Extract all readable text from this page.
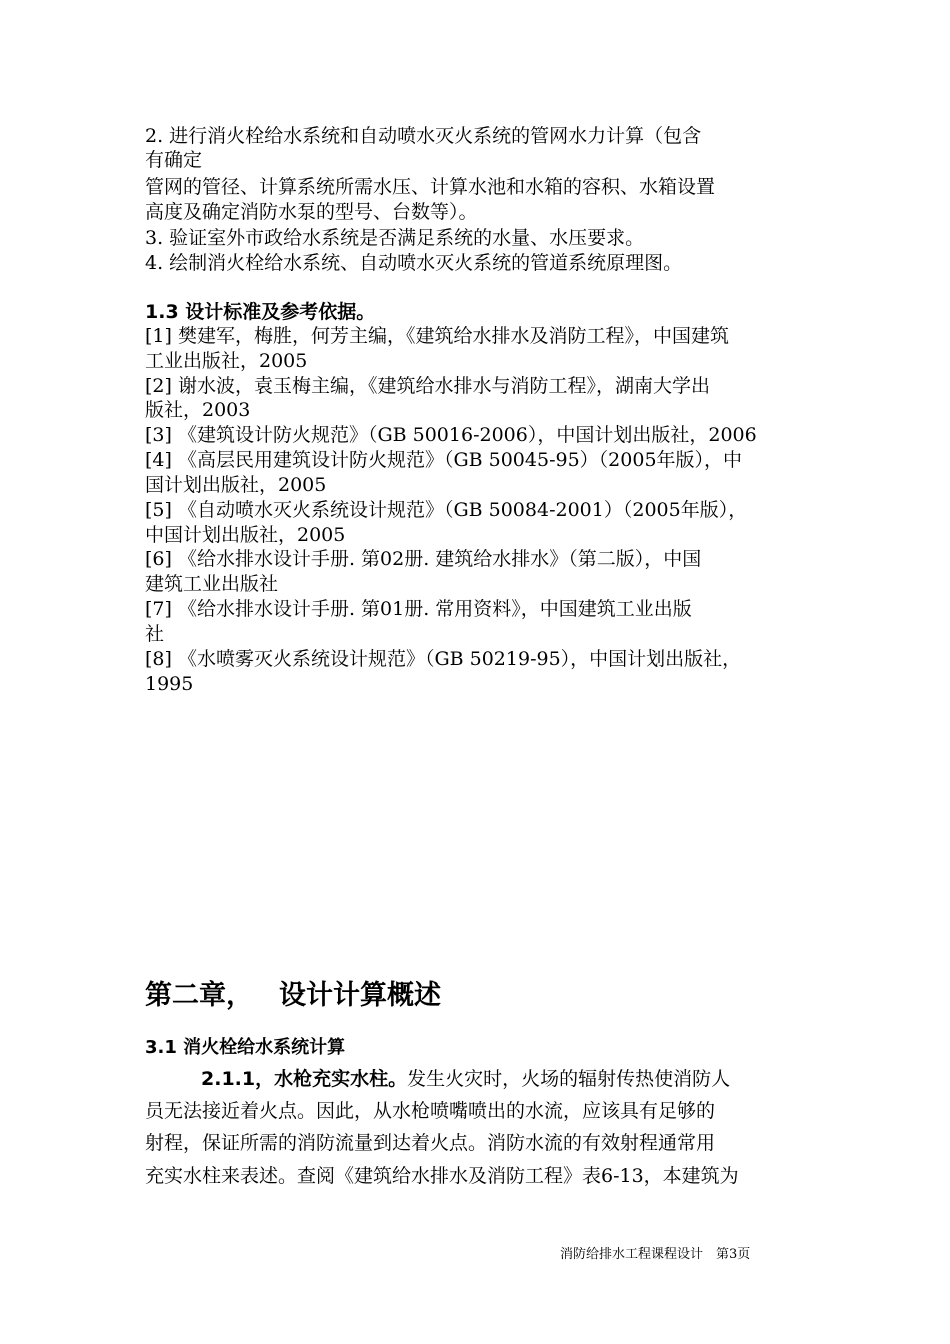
2. 进行消火栓给水系统和自动喷水灭火系统的管网水力计算（包含
有确定
管网的管径、计算系统所需水压、计算水池和水箱的容积、水箱设置
高度及确定消防水泵的型号、台数等）。
3. 验证室外市政给水系统是否满足系统的水量、水压要求。
4. 绘制消火栓给水系统、自动喷水灭火系统的管道系统原理图。
1.3 设计标准及参考依据。
[1] 樊建军，梅胜，何芳主编，《建筑给水排水及消防工程》，中国建筑
工业出版社，2005
[2] 谢水波，袁玉梅主编，《建筑给水排水与消防工程》，湖南大学出
版社，2003
[3] 《建筑设计防火规范》（GB 50016-2006），中国计划出版社，2006
[4] 《高层民用建筑设计防火规范》（GB 50045-95）（2005年版），中
国计划出版社，2005
[5] 《自动喷水灭火系统设计规范》（GB 50084-2001）（2005年版），
中国计划出版社，2005
[6] 《给水排水设计手册. 第02册. 建筑给水排水》（第二版），中国
建筑工业出版社
[7] 《给水排水设计手册. 第01册. 常用资料》，中国建筑工业出版
社
[8] 《水喷雾灭火系统设计规范》（GB 50219-95），中国计划出版社，
1995
第二章， 设计计算概述
3.1 消火栓给水系统计算
2.1.1，水枪充实水柱。发生火灾时，火场的辐射传热使消防人
员无法接近着火点。因此，从水枪喷嘴喷出的水流，应该具有足够的
射程，保证所需的消防流量到达着火点。消防水流的有效射程通常用
充实水柱来表述。查阅《建筑给水排水及消防工程》表6-13，本建筑为
消防给排水工程课程设计　第3页
